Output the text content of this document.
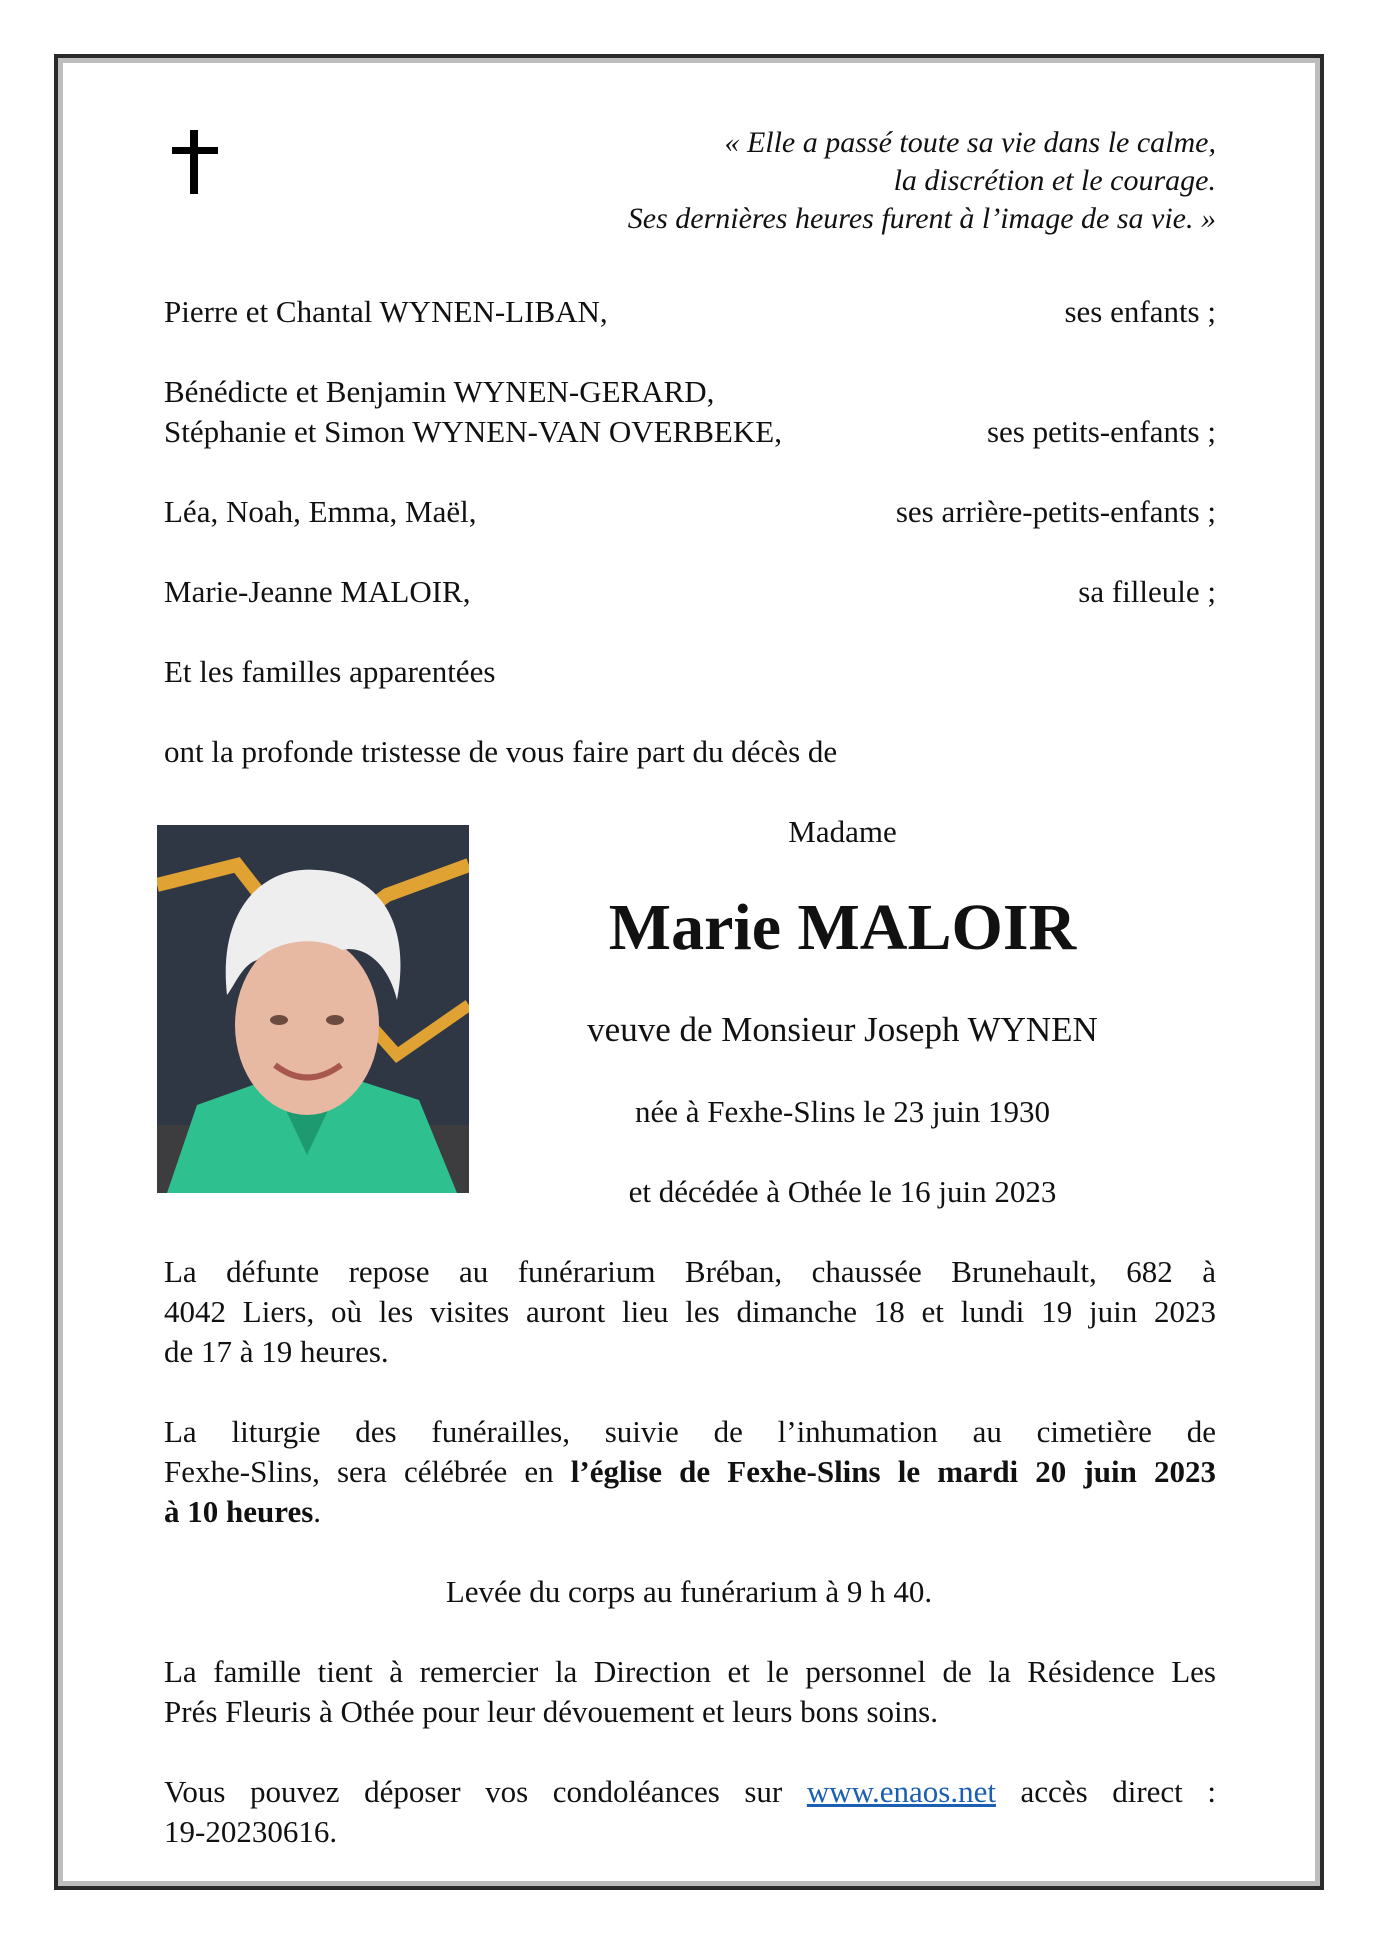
« Elle a passé toute sa vie dans le calme,
la discrétion et le courage.
Ses dernières heures furent à l’image de sa vie. »
Pierre et Chantal WYNEN-LIBAN,	ses enfants ;
Bénédicte et Benjamin WYNEN-GERARD,
Stéphanie et Simon WYNEN-VAN OVERBEKE,	ses petits-enfants ;
Léa, Noah, Emma, Maël,	ses arrière-petits-enfants ;
Marie-Jeanne MALOIR,	sa filleule ;
Et les familles apparentées
ont la profonde tristesse de vous faire part du décès de
Madame
Marie MALOIR
veuve de Monsieur Joseph WYNEN
née à Fexhe-Slins le 23 juin 1930
et décédée à Othée le 16 juin 2023
La défunte repose au funérarium Bréban, chaussée Brunehault, 682 à
4042 Liers, où les visites auront lieu les dimanche 18 et lundi 19 juin 2023
de 17 à 19 heures.
La liturgie des funérailles, suivie de l’inhumation au cimetière de
Fexhe-Slins, sera célébrée en l’église de Fexhe-Slins le mardi 20 juin 2023
à 10 heures.
Levée du corps au funérarium à 9 h 40.
La famille tient à remercier la Direction et le personnel de la Résidence Les
Prés Fleuris à Othée pour leur dévouement et leurs bons soins.
Vous pouvez déposer vos condoléances sur www.enaos.net accès direct :
19-20230616.
